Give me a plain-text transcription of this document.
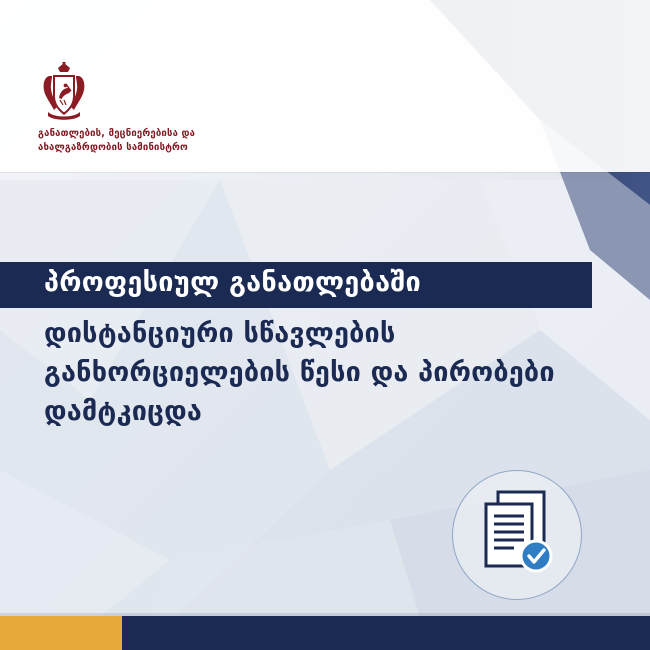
განათლების, მეცნიერებისა და
ახალგაზრდობის სამინისტრო
პროფესიულ განათლებაში
დისტანციური სწავლების განხორციელების წესი და პირობები დამტკიცდა
